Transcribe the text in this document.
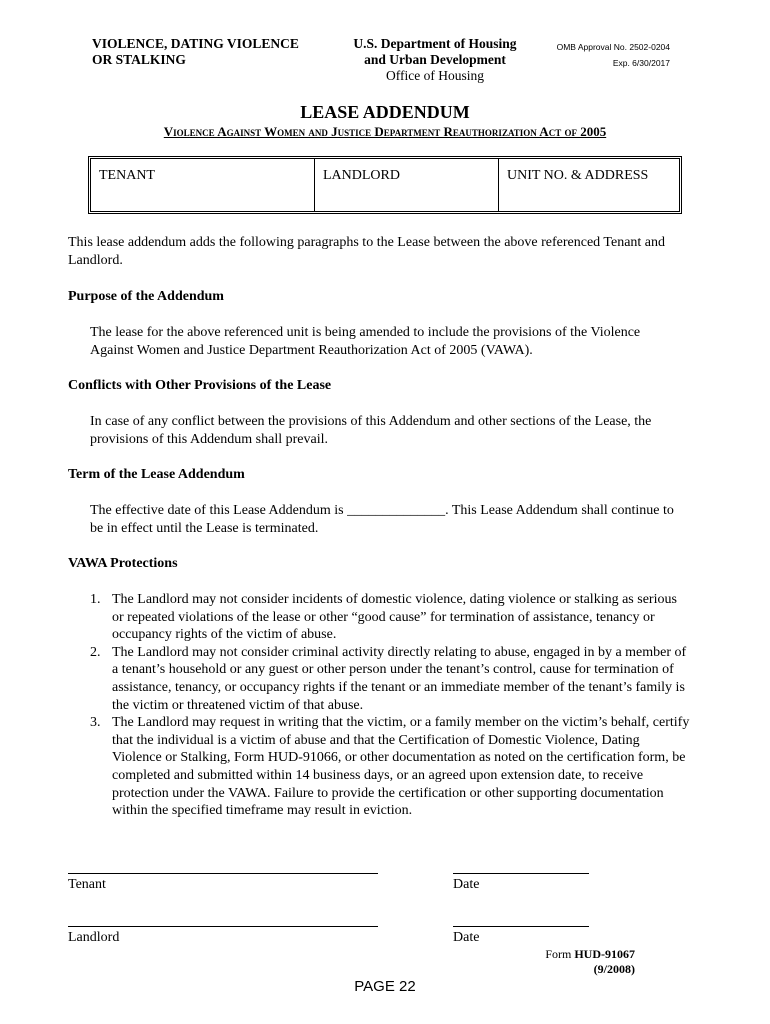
VIOLENCE, DATING VIOLENCE
OR STALKING
U.S. Department of Housing
and Urban Development
Office of Housing
OMB Approval No. 2502-0204
Exp. 6/30/2017
LEASE ADDENDUM
Violence Against Women and Justice Department Reauthorization Act of 2005
TENANT	LANDLORD	UNIT NO. & ADDRESS
This lease addendum adds the following paragraphs to the Lease between the above referenced Tenant and Landlord.
Purpose of the Addendum
The lease for the above referenced unit is being amended to include the provisions of the Violence Against Women and Justice Department Reauthorization Act of 2005 (VAWA).
Conflicts with Other Provisions of the Lease
In case of any conflict between the provisions of this Addendum and other sections of the Lease, the provisions of this Addendum shall prevail.
Term of the Lease Addendum
The effective date of this Lease Addendum is ______________. This Lease Addendum shall continue to be in effect until the Lease is terminated.
VAWA Protections
1. The Landlord may not consider incidents of domestic violence, dating violence or stalking as serious or repeated violations of the lease or other “good cause” for termination of assistance, tenancy or occupancy rights of the victim of abuse.
2. The Landlord may not consider criminal activity directly relating to abuse, engaged in by a member of a tenant’s household or any guest or other person under the tenant’s control, cause for termination of assistance, tenancy, or occupancy rights if the tenant or an immediate member of the tenant’s family is the victim or threatened victim of that abuse.
3. The Landlord may request in writing that the victim, or a family member on the victim’s behalf, certify that the individual is a victim of abuse and that the Certification of Domestic Violence, Dating Violence or Stalking, Form HUD-91066, or other documentation as noted on the certification form, be completed and submitted within 14 business days, or an agreed upon extension date, to receive protection under the VAWA. Failure to provide the certification or other supporting documentation within the specified timeframe may result in eviction.
Tenant	Date
Landlord	Date
Form HUD-91067
(9/2008)
PAGE 22
